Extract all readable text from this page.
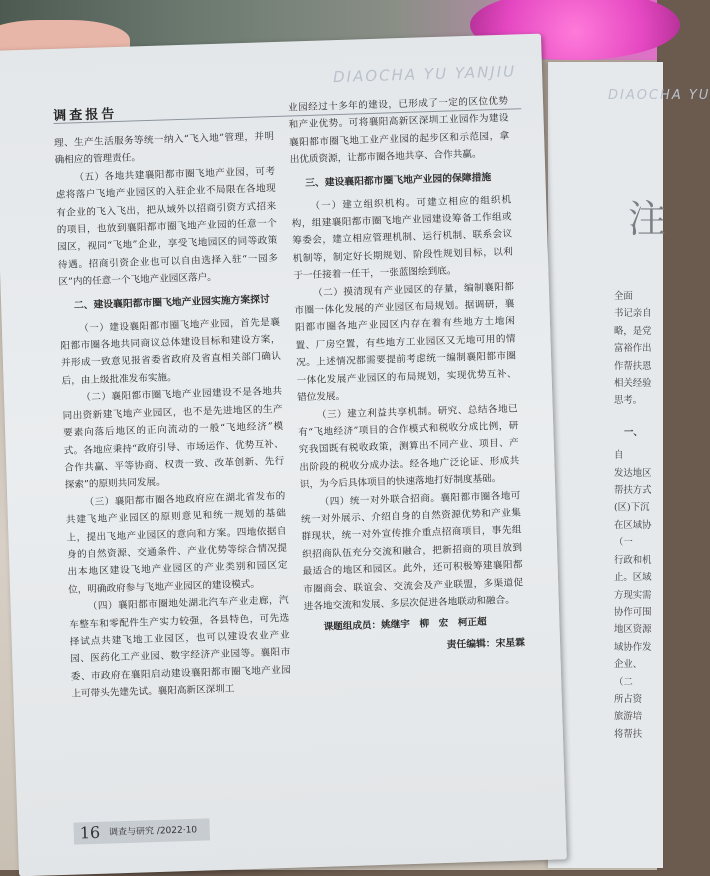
DIAOCHA YU
注
全面
书记亲自
略，是党
富裕作出
作帮扶恩
相关经验
思考。
一、
自
发达地区
帮扶方式
(区)下沉
在区域协
（一
行政和机
止。区域
方现实需
协作可围
地区资源
域协作发
企业、
（二
所占资
旅游培
将帮扶
调查报告
DIAOCHA YU YANJIU

理、生产生活服务等统一纳入“飞入地”管理，并明确相应的管理责任。

（五）各地共建襄阳都市圈飞地产业园，可考虑将落户飞地产业园区的入驻企业不局限在各地现有企业的飞入飞出，把从域外以招商引资方式招来的项目，也放到襄阳都市圈飞地产业园的任意一个园区，视同“飞地”企业，享受飞地园区的同等政策待遇。招商引资企业也可以自由选择入驻“一园多区”内的任意一个飞地产业园区落户。

二、建设襄阳都市圈飞地产业园实施方案探讨

（一）建设襄阳都市圈飞地产业园，首先是襄阳都市圈各地共同商议总体建设目标和建设方案，并形成一致意见报省委省政府及省直相关部门确认后，由上级批准发布实施。

（二）襄阳都市圈飞地产业园建设不是各地共同出资新建飞地产业园区，也不是先进地区的生产要素向落后地区的正向流动的一般“飞地经济”模式。各地应秉持“政府引导、市场运作、优势互补、合作共赢、平等协商、权责一致、改革创新、先行探索”的原则共同发展。

（三）襄阳都市圈各地政府应在湖北省发布的共建飞地产业园区的原则意见和统一规划的基础上，提出飞地产业园区的意向和方案。四地依据自身的自然资源、交通条件、产业优势等综合情况提出本地区建设飞地产业园区的产业类别和园区定位，明确政府参与飞地产业园区的建设模式。

（四）襄阳都市圈地处湖北汽车产业走廊，汽车整车和零配件生产实力较强，各县特色，可先选择试点共建飞地工业园区，也可以建设农业产业园、医药化工产业园、数字经济产业园等。襄阳市委、市政府在襄阳启动建设襄阳都市圈飞地产业园上可带头先建先试。襄阳高新区深圳工

业园经过十多年的建设，已形成了一定的区位优势和产业优势。可将襄阳高新区深圳工业园作为建设襄阳都市圈飞地工业产业园的起步区和示范园，拿出优质资源，让都市圈各地共享、合作共赢。

三、建设襄阳都市圈飞地产业园的保障措施

（一）建立组织机构。可建立相应的组织机构，组建襄阳都市圈飞地产业园建设筹备工作组或筹委会，建立相应管理机制、运行机制、联系会议机制等，制定好长期规划、阶段性规划目标，以利于一任接着一任干，一张蓝图绘到底。

（二）摸清现有产业园区的存量，编制襄阳都市圈一体化发展的产业园区布局规划。据调研，襄阳都市圈各地产业园区内存在着有些地方土地闲置、厂房空置，有些地方工业园区又无地可用的情况。上述情况都需要提前考虑统一编制襄阳都市圈一体化发展产业园区的布局规划，实现优势互补、错位发展。

（三）建立利益共享机制。研究、总结各地已有“飞地经济”项目的合作模式和税收分成比例，研究我国既有税收政策，测算出不同产业、项目、产出阶段的税收分成办法。经各地广泛论证、形成共识，为今后具体项目的快速落地打好制度基础。

（四）统一对外联合招商。襄阳都市圈各地可统一对外展示、介绍自身的自然资源优势和产业集群现状，统一对外宣传推介重点招商项目，事先组织招商队伍充分交流和融合，把新招商的项目放到最适合的地区和园区。此外，还可积极筹建襄阳都市圈商会、联谊会、交流会及产业联盟，多渠道促进各地交流和发展、多层次促进各地联动和融合。

课题组成员：姚继宇　柳　宏　柯正超
责任编辑：宋星霖
16 调查与研究 /2022·10
